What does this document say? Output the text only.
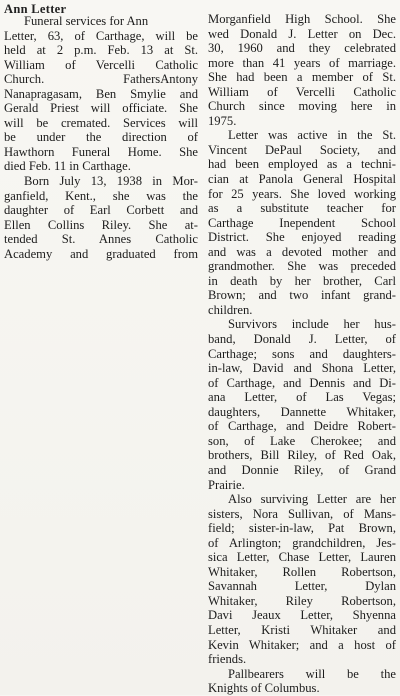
Ann Letter
Funeral services for Ann
Letter, 63, of Carthage, will be
held at 2 p.m. Feb. 13 at St.
William of Vercelli Catholic
Church. FathersAntony
Nanapragasam, Ben Smylie and
Gerald Priest will officiate. She
will be cremated. Services will
be under the direction of
Hawthorn Funeral Home. She
died Feb. 11 in Carthage.
Born July 13, 1938 in Mor-
ganfield, Kent., she was the
daughter of Earl Corbett and
Ellen Collins Riley. She at-
tended St. Annes Catholic
Academy and graduated from
Morganfield High School. She
wed Donald J. Letter on Dec.
30, 1960 and they celebrated
more than 41 years of marriage.
She had been a member of St.
William of Vercelli Catholic
Church since moving here in
1975.
Letter was active in the St.
Vincent DePaul Society, and
had been employed as a techni-
cian at Panola General Hospital
for 25 years. She loved working
as a substitute teacher for
Carthage Inependent School
District. She enjoyed reading
and was a devoted mother and
grandmother. She was preceded
in death by her brother, Carl
Brown; and two infant grand-
children.
Survivors include her hus-
band, Donald J. Letter, of
Carthage; sons and daughters-
in-law, David and Shona Letter,
of Carthage, and Dennis and Di-
ana Letter, of Las Vegas;
daughters, Dannette Whitaker,
of Carthage, and Deidre Robert-
son, of Lake Cherokee; and
brothers, Bill Riley, of Red Oak,
and Donnie Riley, of Grand
Prairie.
Also surviving Letter are her
sisters, Nora Sullivan, of Mans-
field; sister-in-law, Pat Brown,
of Arlington; grandchildren, Jes-
sica Letter, Chase Letter, Lauren
Whitaker, Rollen Robertson,
Savannah Letter, Dylan
Whitaker, Riley Robertson,
Davi Jeaux Letter, Shyenna
Letter, Kristi Whitaker and
Kevin Whitaker; and a host of
friends.
Pallbearers will be the
Knights of Columbus.
